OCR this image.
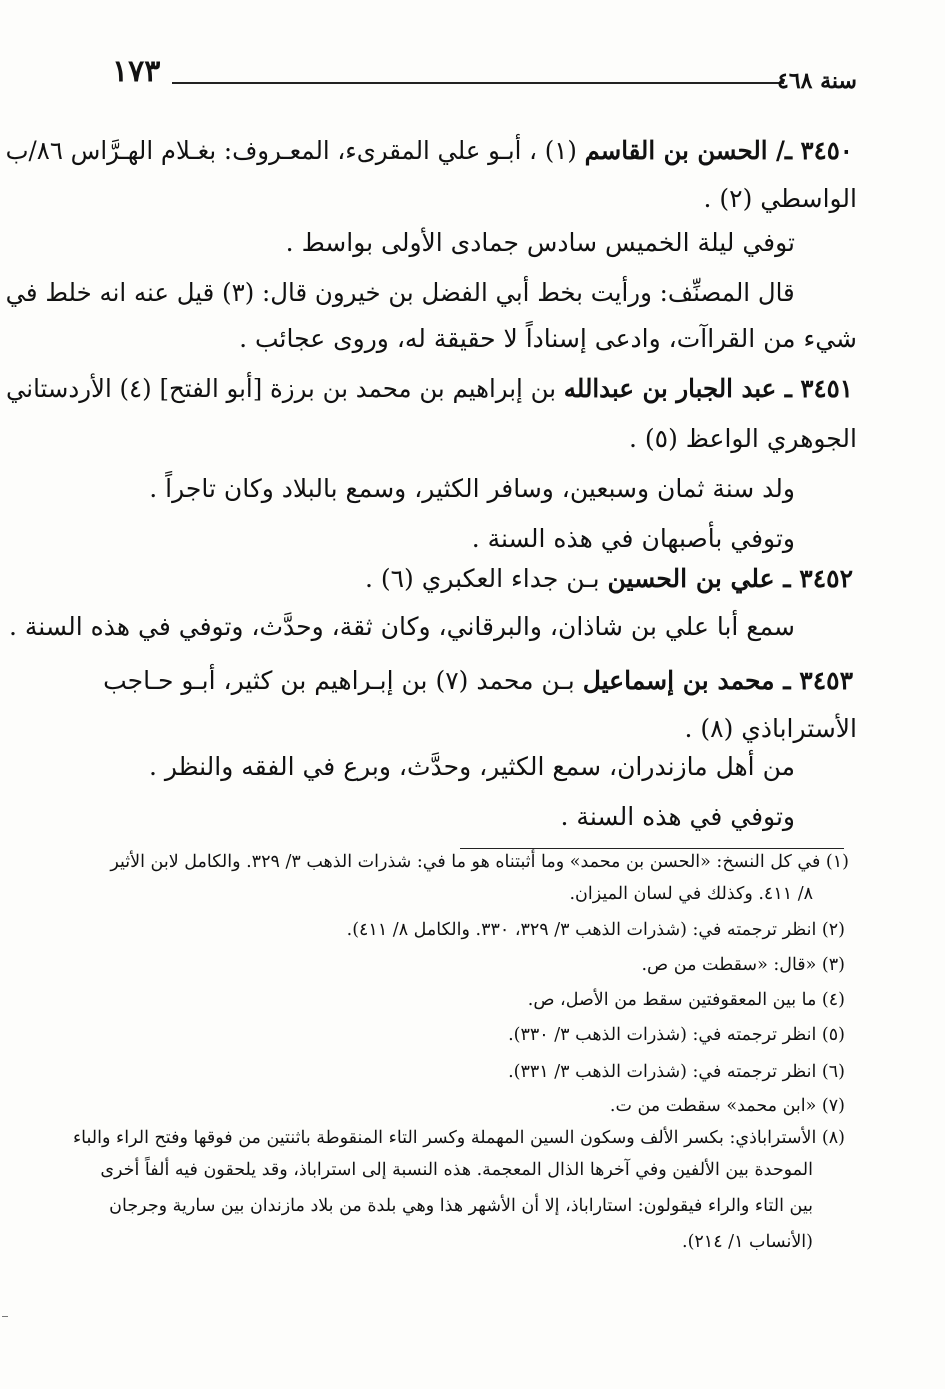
١٧٣	سنة ٤٦٨
٣٤٥٠ ـ/ الحسن بن القاسم (١) ، أبـو علي المقرىء، المعـروف: بغـلام الهـرَّاس ٨٦/ب
الواسطي (٢) .
توفي ليلة الخميس سادس جمادى الأولى بواسط .
قال المصنِّف: ورأيت بخط أبي الفضل بن خيرون قال: (٣) قيل عنه انه خلط في
شيء من القراآت، وادعى إسناداً لا حقيقة له، وروى عجائب .
٣٤٥١ ـ عبد الجبار بن عبدالله بن إبراهيم بن محمد بن برزة [أبو الفتح] (٤) الأردستاني
الجوهري الواعظ (٥) .
ولد سنة ثمان وسبعين، وسافر الكثير، وسمع بالبلاد وكان تاجراً .
وتوفي بأصبهان في هذه السنة .
٣٤٥٢ ـ علي بن الحسين بـن جداء العكبري (٦) .
سمع أبا علي بن شاذان، والبرقاني، وكان ثقة، وحدَّث، وتوفي في هذه السنة .
٣٤٥٣ ـ محمد بن إسماعيل بـن محمد (٧) بن إبـراهيم بن كثير، أبـو حـاجب
الأستراباذي (٨) .
من أهل مازندران، سمع الكثير، وحدَّث، وبرع في الفقه والنظر .
وتوفي في هذه السنة .
(١) في كل النسخ: «الحسن بن محمد» وما أثبتناه هو ما في: شذرات الذهب ٣/ ٣٢٩. والكامل لابن الأثير
٨/ ٤١١. وكذلك في لسان الميزان.
(٢) انظر ترجمته في: (شذرات الذهب ٣/ ٣٢٩، ٣٣٠. والكامل ٨/ ٤١١).
(٣) «قال: «سقطت من ص.
(٤) ما بين المعقوفتين سقط من الأصل، ص.
(٥) انظر ترجمته في: (شذرات الذهب ٣/ ٣٣٠).
(٦) انظر ترجمته في: (شذرات الذهب ٣/ ٣٣١).
(٧) «ابن محمد» سقطت من ت.
(٨) الأستراباذي: بكسر الألف وسكون السين المهملة وكسر التاء المنقوطة باثنتين من فوقها وفتح الراء والباء
الموحدة بين الألفين وفي آخرها الذال المعجمة. هذه النسبة إلى استراباذ، وقد يلحقون فيه ألفاً أخرى
بين التاء والراء فيقولون: استاراباذ، إلا أن الأشهر هذا وهي بلدة من بلاد مازندان بين سارية وجرجان
(الأنساب ١/ ٢١٤).
